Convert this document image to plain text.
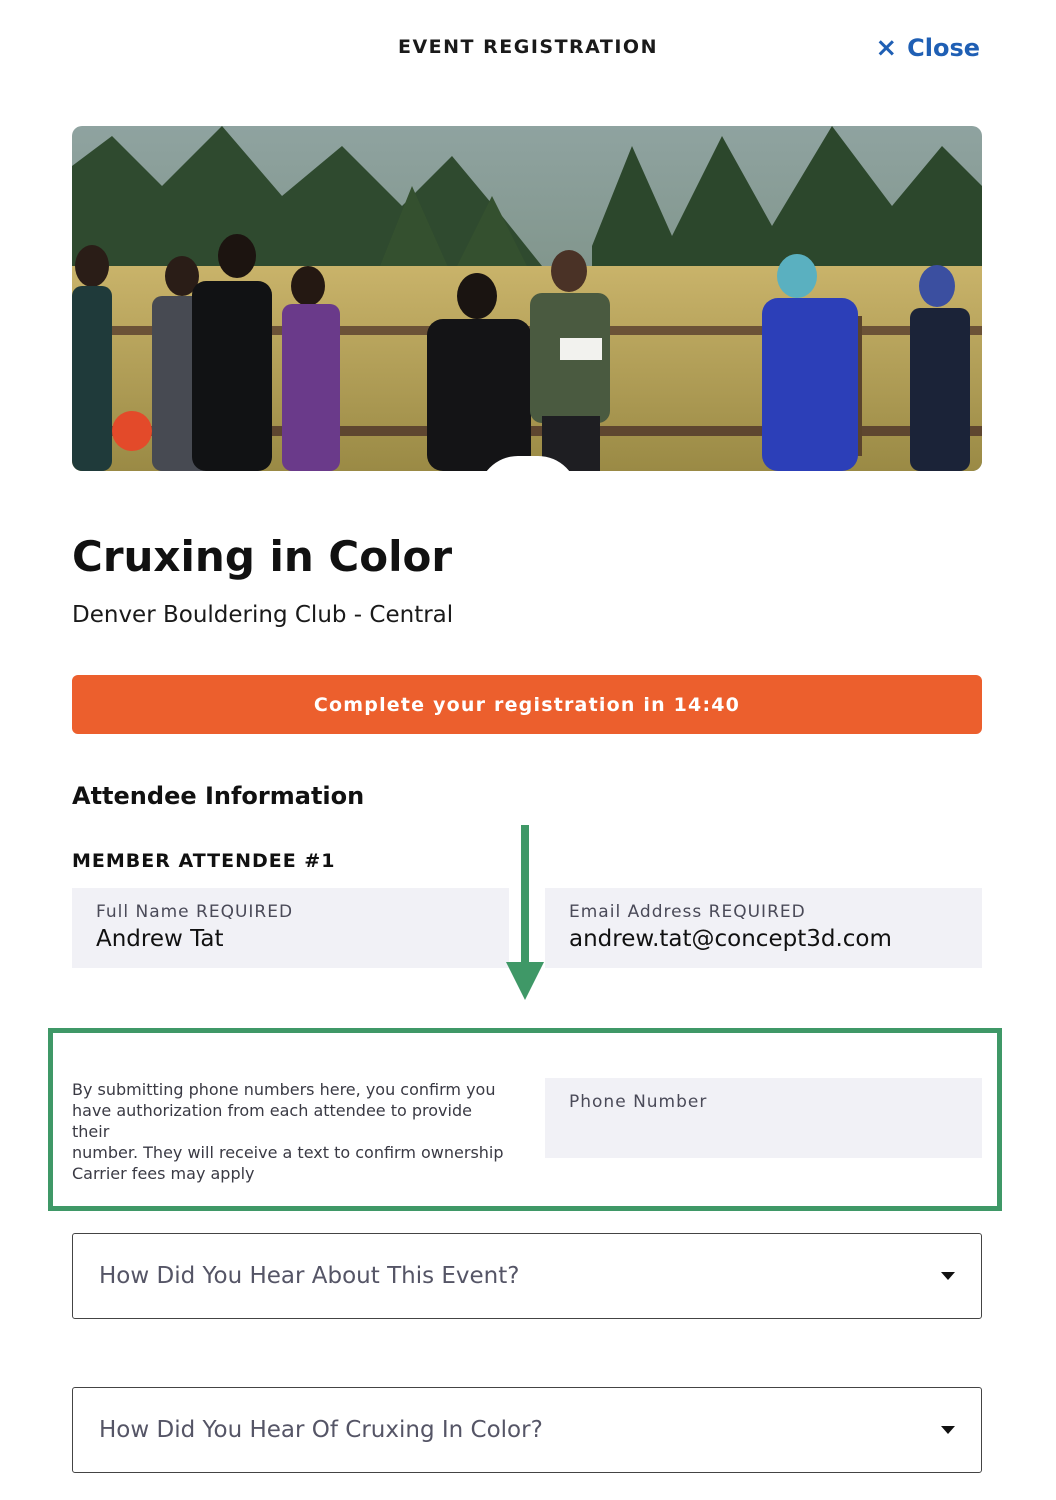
EVENT REGISTRATION	× Close
Cruxing in Color
Denver Bouldering Club - Central
Complete your registration in 14:40
Attendee Information
MEMBER ATTENDEE #1
Full Name REQUIRED
Andrew Tat
Email Address REQUIRED
andrew.tat@concept3d.com
By submitting phone numbers here, you confirm you
have authorization from each attendee to provide their
number. They will receive a text to confirm ownership
Carrier fees may apply
Phone Number
How Did You Hear About This Event?
How Did You Hear Of Cruxing In Color?
